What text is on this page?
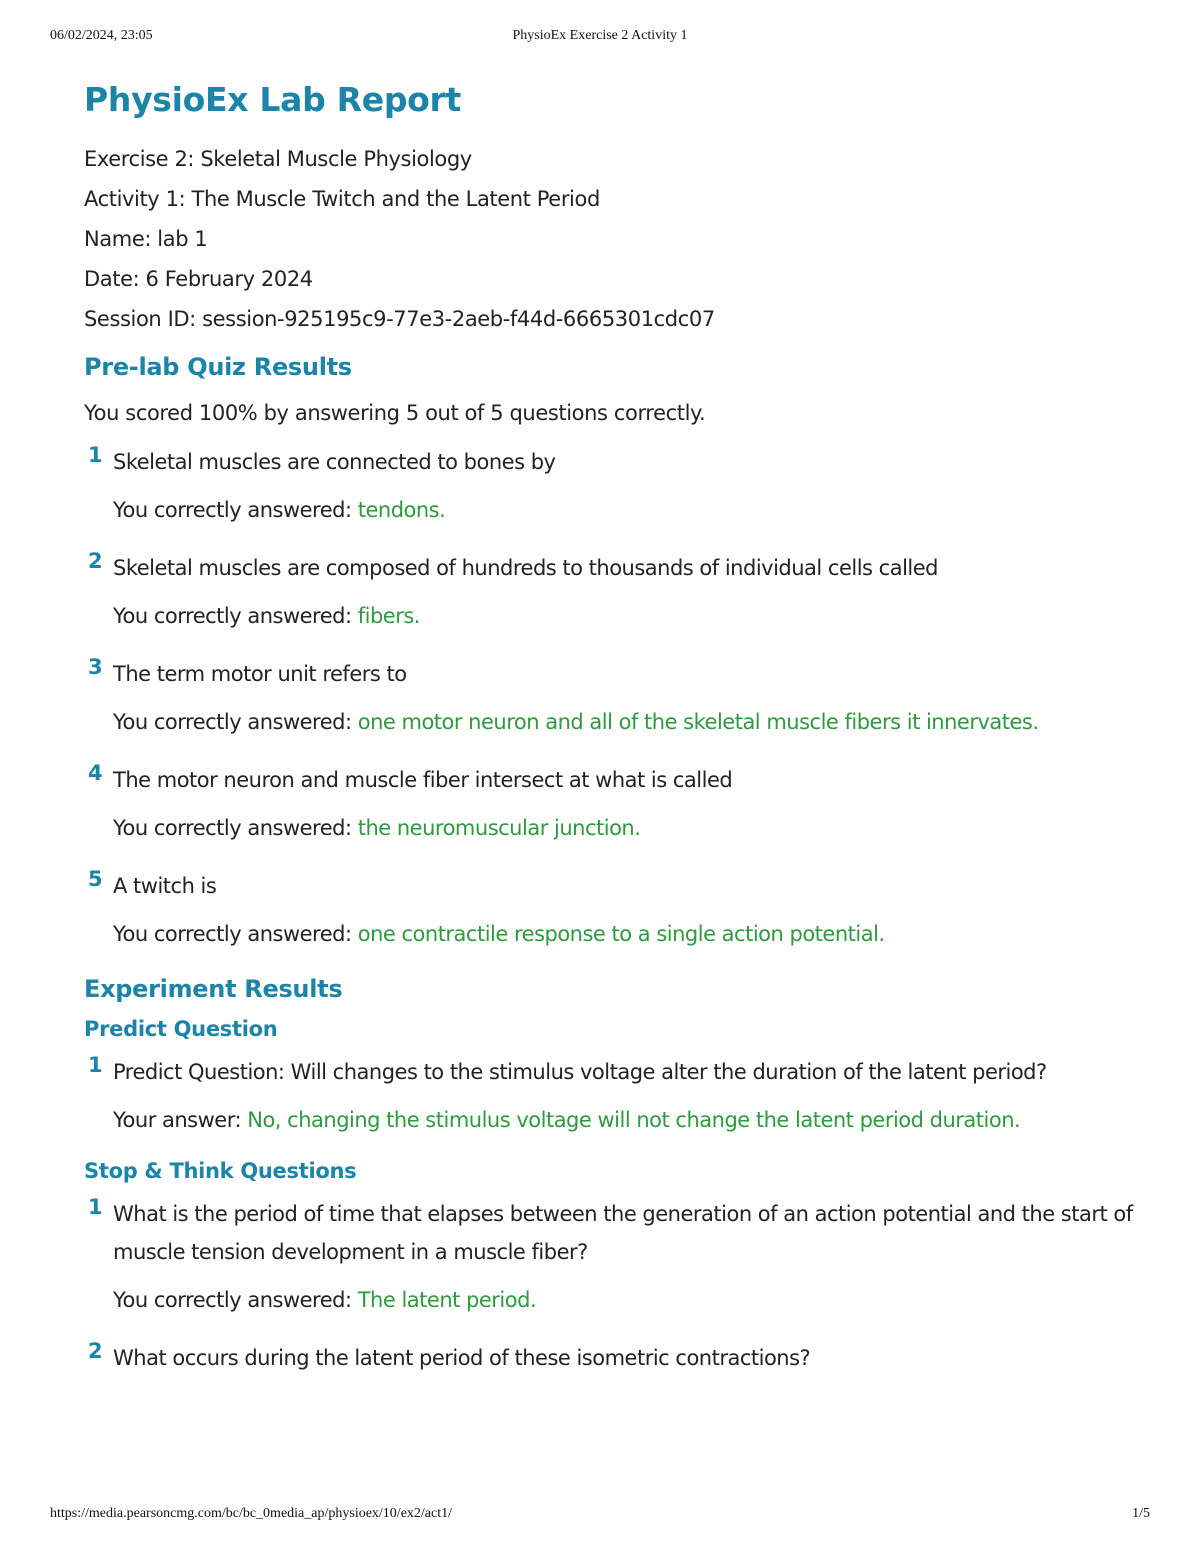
06/02/2024, 23:05	PhysioEx Exercise 2 Activity 1
PhysioEx Lab Report
Exercise 2: Skeletal Muscle Physiology
Activity 1: The Muscle Twitch and the Latent Period
Name: lab 1
Date: 6 February 2024
Session ID: session-925195c9-77e3-2aeb-f44d-6665301cdc07
Pre-lab Quiz Results
You scored 100% by answering 5 out of 5 questions correctly.
1 Skeletal muscles are connected to bones by
You correctly answered: tendons.
2 Skeletal muscles are composed of hundreds to thousands of individual cells called
You correctly answered: fibers.
3 The term motor unit refers to
You correctly answered: one motor neuron and all of the skeletal muscle fibers it innervates.
4 The motor neuron and muscle fiber intersect at what is called
You correctly answered: the neuromuscular junction.
5 A twitch is
You correctly answered: one contractile response to a single action potential.
Experiment Results
Predict Question
1 Predict Question: Will changes to the stimulus voltage alter the duration of the latent period?
Your answer: No, changing the stimulus voltage will not change the latent period duration.
Stop & Think Questions
1 What is the period of time that elapses between the generation of an action potential and the start of muscle tension development in a muscle fiber?
You correctly answered: The latent period.
2 What occurs during the latent period of these isometric contractions?
https://media.pearsoncmg.com/bc/bc_0media_ap/physioex/10/ex2/act1/	1/5
